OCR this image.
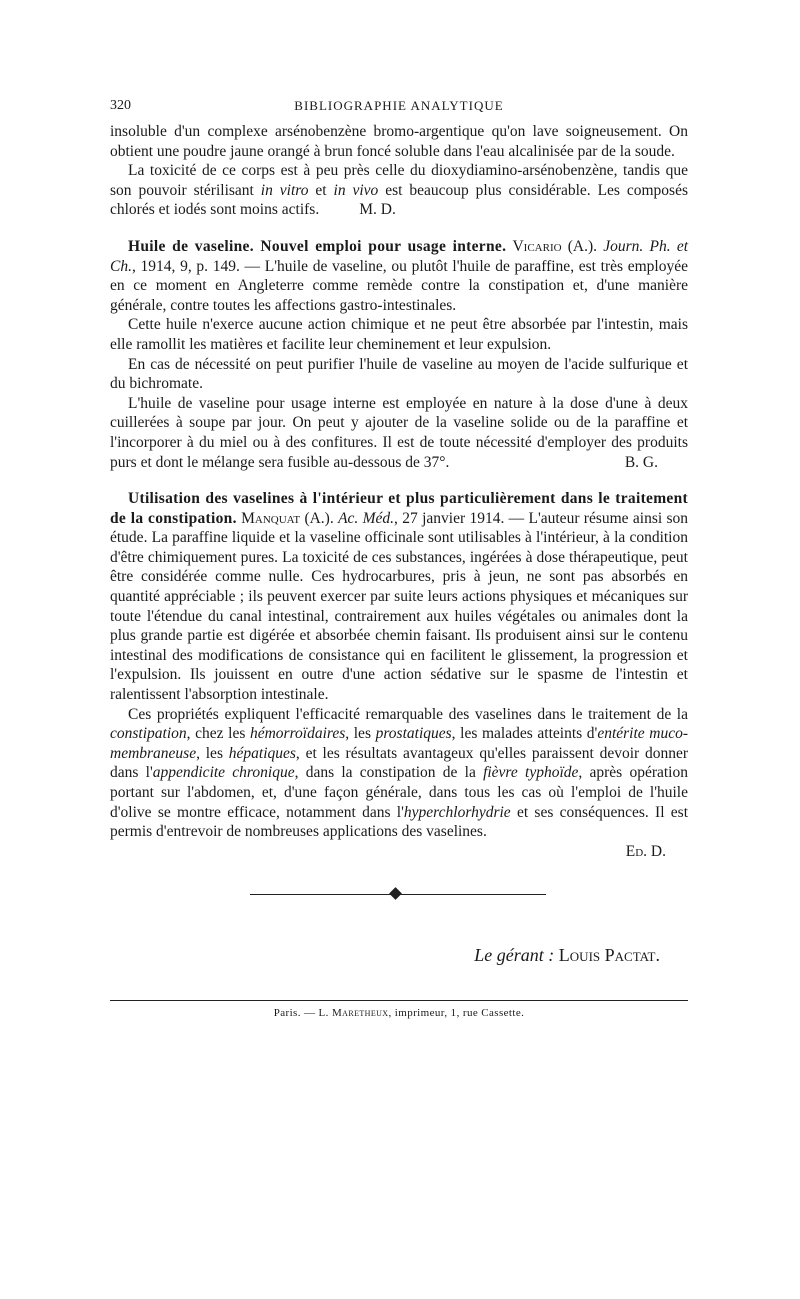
320	BIBLIOGRAPHIE ANALYTIQUE

insoluble d'un complexe arsénobenzène bromo-argentique qu'on lave soigneusement. On obtient une poudre jaune orangé à brun foncé soluble dans l'eau alcalinisée par de la soude.

La toxicité de ce corps est à peu près celle du dioxydiamino-arsénobenzène, tandis que son pouvoir stérilisant in vitro et in vivo est beaucoup plus considérable. Les composés chlorés et iodés sont moins actifs.	M. D.

Huile de vaseline. Nouvel emploi pour usage interne. Vicario (A.). Journ. Ph. et Ch., 1914, 9, p. 149. — L'huile de vaseline, ou plutôt l'huile de paraffine, est très employée en ce moment en Angleterre comme remède contre la constipation et, d'une manière générale, contre toutes les affections gastro-intestinales.

Cette huile n'exerce aucune action chimique et ne peut être absorbée par l'intestin, mais elle ramollit les matières et facilite leur cheminement et leur expulsion.

En cas de nécessité on peut purifier l'huile de vaseline au moyen de l'acide sulfurique et du bichromate.

L'huile de vaseline pour usage interne est employée en nature à la dose d'une à deux cuillerées à soupe par jour. On peut y ajouter de la vaseline solide ou de la paraffine et l'incorporer à du miel ou à des confitures. Il est de toute nécessité d'employer des produits purs et dont le mélange sera fusible au-dessous de 37°.	B. G.

Utilisation des vaselines à l'intérieur et plus particulièrement dans le traitement de la constipation. Manquat (A.). Ac. Méd., 27 janvier 1914. — L'auteur résume ainsi son étude. La paraffine liquide et la vaseline officinale sont utilisables à l'intérieur, à la condition d'être chimiquement pures. La toxicité de ces substances, ingérées à dose thérapeutique, peut être considérée comme nulle. Ces hydrocarbures, pris à jeun, ne sont pas absorbés en quantité appréciable ; ils peuvent exercer par suite leurs actions physiques et mécaniques sur toute l'étendue du canal intestinal, contrairement aux huiles végétales ou animales dont la plus grande partie est digérée et absorbée chemin faisant. Ils produisent ainsi sur le contenu intestinal des modifications de consistance qui en facilitent le glissement, la progression et l'expulsion. Ils jouissent en outre d'une action sédative sur le spasme de l'intestin et ralentissent l'absorption intestinale.

Ces propriétés expliquent l'efficacité remarquable des vaselines dans le traitement de la constipation, chez les hémorroïdaires, les prostatiques, les malades atteints d'entérite muco-membraneuse, les hépatiques, et les résultats avantageux qu'elles paraissent devoir donner dans l'appendicite chronique, dans la constipation de la fièvre typhoïde, après opération portant sur l'abdomen, et, d'une façon générale, dans tous les cas où l'emploi de l'huile d'olive se montre efficace, notamment dans l'hyperchlorhydrie et ses conséquences. Il est permis d'entrevoir de nombreuses applications des vaselines.

Ed. D.

Le gérant : Louis Pactat.
Paris. — L. Maretheux, imprimeur, 1, rue Cassette.
